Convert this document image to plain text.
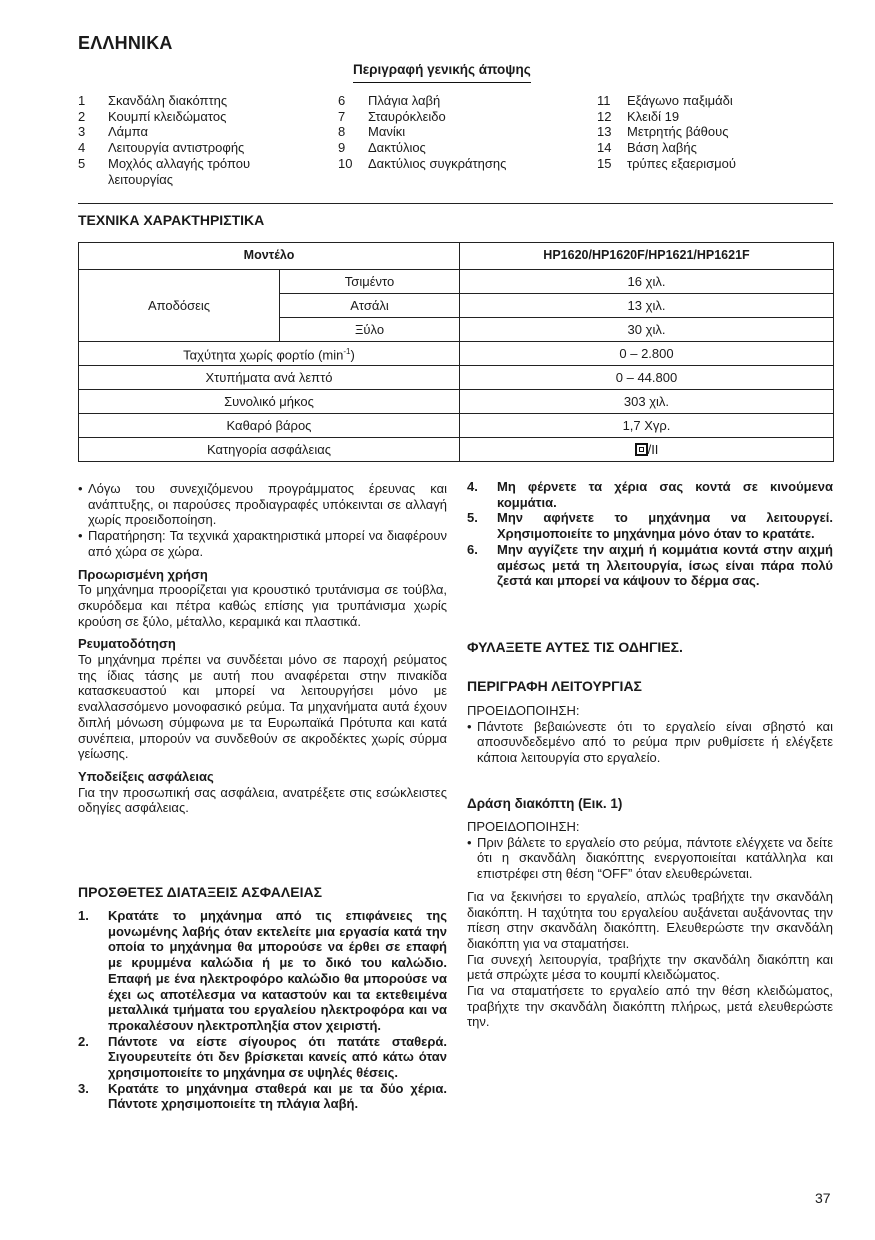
ΕΛΛΗΝΙΚΑ
Περιγραφή γενικής άποψης
1	Σκανδάλη διακόπτης
2	Κουμπί κλειδώματος
3	Λάμπα
4	Λειτουργία αντιστροφής
5	Μοχλός αλλαγής τρόπου λειτουργίας
6	Πλάγια λαβή
7	Σταυρόκλειδο
8	Μανίκι
9	Δακτύλιος
10	Δακτύλιος συγκράτησης
11	Εξάγωνο παξιμάδι
12	Κλειδί 19
13	Μετρητής βάθους
14	Βάση λαβής
15	τρύπες εξαερισμού
ΤΕΧΝΙΚΑ ΧΑΡΑΚΤΗΡΙΣΤΙΚΑ
Μοντέλο		HP1620/HP1620F/HP1621/HP1621F
Αποδόσεις	Τσιμέντο	16 χιλ.
	Ατσάλι	13 χιλ.
	Ξύλο	30 χιλ.
Ταχύτητα χωρίς φορτίο $(\min^{-1})$		0 – 2.800
Χτυπήματα ανά λεπτό		0 – 44.800
Συνολικό μήκος		303 χιλ.
Καθαρό βάρος		1,7 Χγρ.
Κατηγορία ασφάλειας		/II
• Λόγω του συνεχιζόμενου προγράμματος έρευνας και ανάπτυξης, οι παρούσες προδιαγραφές υπόκεινται σε αλλαγή χωρίς προειδοποίηση.
• Παρατήρηση: Τα τεχνικά χαρακτηριστικά μπορεί να διαφέρουν από χώρα σε χώρα.
Προωρισμένη χρήση
Το μηχάνημα προορίζεται για κρουστικό τρυτάνισμα σε τούβλα, σκυρόδεμα και πέτρα καθώς επίσης για τρυπάνισμα χωρίς κρούση σε ξύλο, μέταλλο, κεραμικά και πλαστικά.
Ρευματοδότηση
Το μηχάνημα πρέπει να συνδέεται μόνο σε παροχή ρεύματος της ίδιας τάσης με αυτή που αναφέρεται στην πινακίδα κατασκευαστού και μπορεί να λειτουργήσει μόνο με εναλλασσόμενο μονοφασικό ρεύμα. Τα μηχανήματα αυτά έχουν διπλή μόνωση σύμφωνα με τα Ευρωπαϊκά Πρότυπα και κατά συνέπεια, μπορούν να συνδεθούν σε ακροδέκτες χωρίς σύρμα γείωσης.
Υποδείξεις ασφάλειας
Για την προσωπική σας ασφάλεια, ανατρέξετε στις εσώκλειστες οδηγίες ασφάλειας.
ΠΡΟΣΘΕΤΕΣ ΔΙΑΤΑΞΕΙΣ ΑΣΦΑΛΕΙΑΣ
1.	Κρατάτε το μηχάνημα από τις επιφάνειες της μονωμένης λαβής όταν εκτελείτε μια εργασία κατά την οποία το μηχάνημα θα μπορούσε να έρθει σε επαφή με κρυμμένα καλώδια ή με το δικό του καλώδιο. Επαφή με ένα ηλεκτροφόρο καλώδιο θα μπορούσε να έχει ως αποτέλεσμα να καταστούν και τα εκτεθειμένα μεταλλικά τμήματα του εργαλείου ηλεκτροφόρα και να προκαλέσουν ηλεκτροπληξία στον χειριστή.
2.	Πάντοτε να είστε σίγουρος ότι πατάτε σταθερά. Σιγουρευτείτε ότι δεν βρίσκεται κανείς από κάτω όταν χρησιμοποιείτε το μηχάνημα σε υψηλές θέσεις.
3.	Κρατάτε το μηχάνημα σταθερά και με τα δύο χέρια. Πάντοτε χρησιμοποιείτε τη πλάγια λαβή.
4.	Μη φέρνετε τα χέρια σας κοντά σε κινούμενα κομμάτια.
5.	Μην αφήνετε το μηχάνημα να λειτουργεί. Χρησιμοποιείτε το μηχάνημα μόνο όταν το κρατάτε.
6.	Μην αγγίζετε την αιχμή ή κομμάτια κοντά στην αιχμή αμέσως μετά τη λλειτουργία, ίσως είναι πάρα πολύ ζεστά και μπορεί να κάψουν το δέρμα σας.
ΦΥΛΑΞΕΤΕ ΑΥΤΕΣ ΤΙΣ ΟΔΗΓΙΕΣ.
ΠΕΡΙΓΡΑΦΗ ΛΕΙΤΟΥΡΓΙΑΣ
ΠΡΟΕΙΔΟΠΟΙΗΣΗ:
• Πάντοτε βεβαιώνεστε ότι το εργαλείο είναι σβηστό και αποσυνδεδεμένο από το ρεύμα πριν ρυθμίσετε ή ελέγξετε κάποια λειτουργία στο εργαλείο.
Δράση διακόπτη (Εικ. 1)
ΠΡΟΕΙΔΟΠΟΙΗΣΗ:
• Πριν βάλετε το εργαλείο στο ρεύμα, πάντοτε ελέγχετε να δείτε ότι η σκανδάλη διακόπτης ενεργοποιείται κατάλληλα και επιστρέφει στη θέση “OFF” όταν ελευθερώνεται.
Για να ξεκινήσει το εργαλείο, απλώς τραβήχτε την σκανδάλη διακόπτη. Η ταχύτητα του εργαλείου αυξάνεται αυξάνοντας την πίεση στην σκανδάλη διακόπτη. Ελευθερώστε την σκανδάλη διακόπτη για να σταματήσει.
Για συνεχή λειτουργία, τραβήχτε την σκανδάλη διακόπτη και μετά σπρώχτε μέσα το κουμπί κλειδώματος.
Για να σταματήσετε το εργαλείο από την θέση κλειδώματος, τραβήχτε την σκανδάλη διακόπτη πλήρως, μετά ελευθερώστε την.
37
